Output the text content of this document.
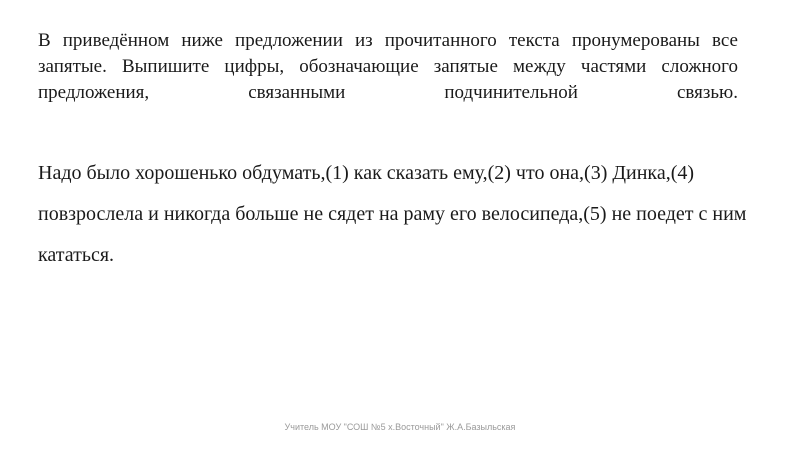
В приведённом ниже предложении из прочитанного текста пронумерованы все запятые. Выпишите цифры, обозначающие запятые между частями сложного предложения, связанными подчинительной связью.

Надо было хорошенько обдумать,(1) как сказать ему,(2) что она,(3) Динка,(4) повзрослела и никогда больше не сядет на раму его велосипеда,(5) не поедет с ним кататься.

Учитель МОУ "СОШ №5 х.Восточный" Ж.А.Базыльская
